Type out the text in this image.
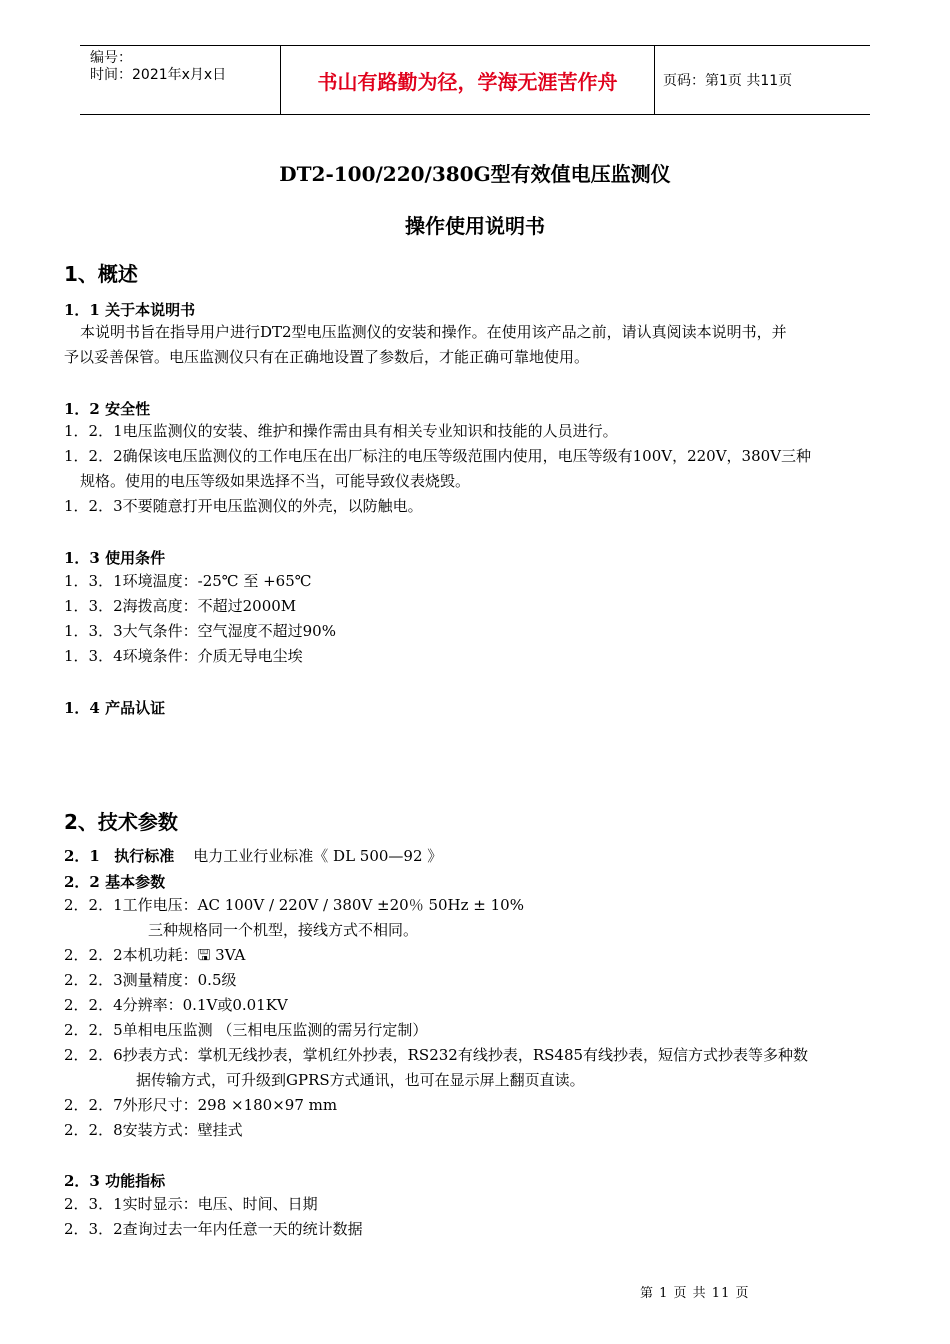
编号：
时间：2021年x月x日	书山有路勤为径，学海无涯苦作舟	页码：第1页 共11页
DT2-100/220/380G型有效值电压监测仪
操作使用说明书
1、概述
1．1 关于本说明书
本说明书旨在指导用户进行DT2型电压监测仪的安装和操作。在使用该产品之前，请认真阅读本说明书，并
予以妥善保管。电压监测仪只有在正确地设置了参数后，才能正确可靠地使用。
1．2 安全性
1．2．1电压监测仪的安装、维护和操作需由具有相关专业知识和技能的人员进行。
1．2．2确保该电压监测仪的工作电压在出厂标注的电压等级范围内使用，电压等级有100V，220V，380V三种
规格。使用的电压等级如果选择不当，可能导致仪表烧毁。
1．2．3不要随意打开电压监测仪的外壳，以防触电。
1．3 使用条件
1．3．1环境温度：-25℃ 至 +65℃
1．3．2海拨高度：不超过2000M
1．3．3大气条件：空气湿度不超过90%
1．3．4环境条件：介质无导电尘埃
1．4 产品认证
2、技术参数
2．1 执行标准 电力工业行业标准《 DL 500—92 》
2．2 基本参数
2．2．1工作电压：AC 100V / 220V / 380V ±20％ 50Hz ± 10%
三种规格同一个机型，接线方式不相同。
2．2．2本机功耗：🖫 3VA
2．2．3测量精度：0.5级
2．2．4分辨率：0.1V或0.01KV
2．2．5单相电压监测 （三相电压监测的需另行定制）
2．2．6抄表方式：掌机无线抄表，掌机红外抄表，RS232有线抄表，RS485有线抄表，短信方式抄表等多种数
据传输方式，可升级到GPRS方式通讯，也可在显示屏上翻页直读。
2．2．7外形尺寸：298 ×180×97 mm
2．2．8安装方式：壁挂式
2．3 功能指标
2．3．1实时显示：电压、时间、日期
2．3．2查询过去一年内任意一天的统计数据
第 1 页 共 11 页
